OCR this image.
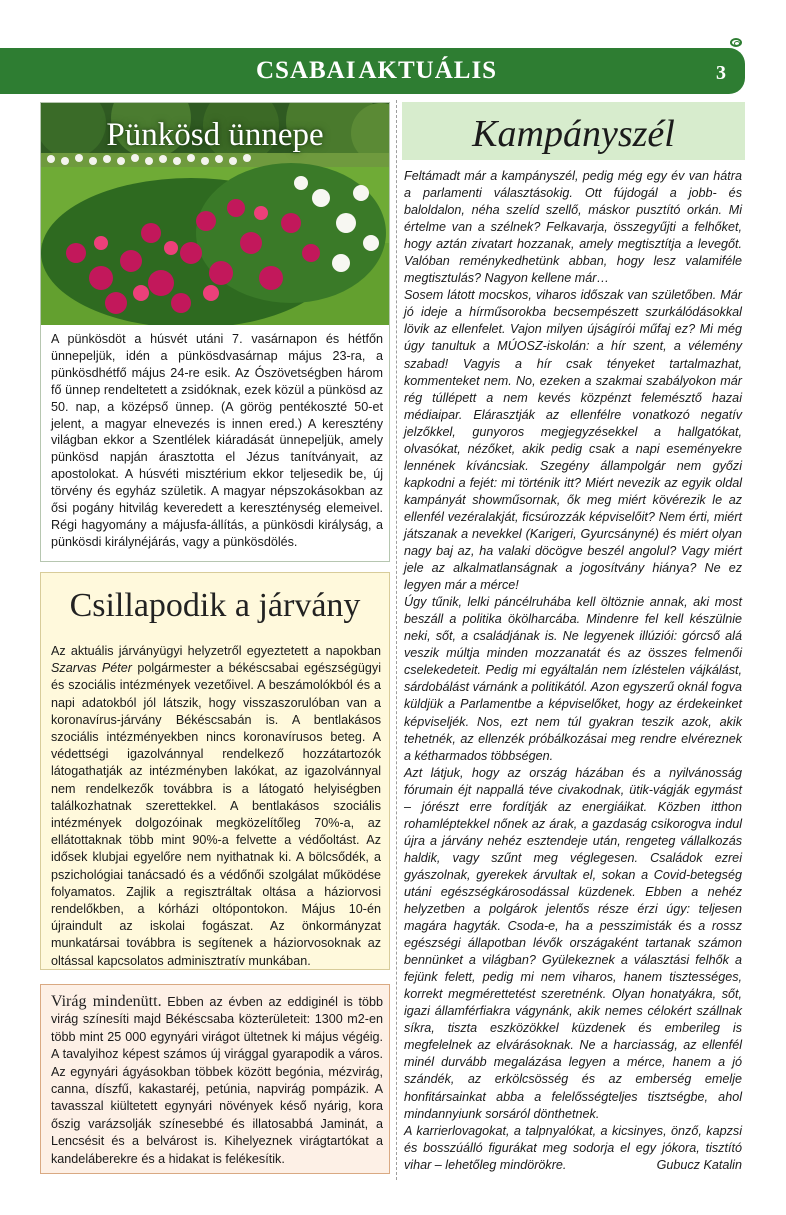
CSABAIAKTUÁLIS	3
Pünkösd ünnepe

A pünkösdöt a húsvét utáni 7. vasárnapon és hétfőn ünnepeljük, idén a pünkösdvasárnap május 23-ra, a pünkösdhétfő május 24-re esik. Az Ószövetségben három fő ünnep rendeltetett a zsidóknak, ezek közül a pünkösd az 50. nap, a középső ünnep. (A görög pentékoszté 50-et jelent, a magyar elnevezés is innen ered.) A keresztény világban ekkor a Szentlélek kiáradását ünnepeljük, amely pünkösd napján árasztotta el Jézus tanítványait, az apostolokat. A húsvéti misztérium ekkor teljesedik be, új törvény és egyház születik. A magyar népszokásokban az ősi pogány hitvilág keveredett a kereszténység elemeivel. Régi hagyomány a májusfa-állítás, a pünkösdi királyság, a pünkösdi királynéjárás, vagy a pünkösdölés.

Csillapodik a járvány

Az aktuális járványügyi helyzetről egyeztetett a napokban Szarvas Péter polgármester a békéscsabai egészségügyi és szociális intézmények vezetőivel. A beszámolókból és a napi adatokból jól látszik, hogy visszaszorulóban van a koronavírus-járvány Békéscsabán is. A bentlakásos szociális intézményekben nincs koronavírusos beteg. A védettségi igazolvánnyal rendelkező hozzátartozók látogathatják az intézményben lakókat, az igazolvánnyal nem rendelkezők továbbra is a látogató helyiségben találkozhatnak szerettekkel. A bentlakásos szociális intézmények dolgozóinak megközelítőleg 70%-a, az ellátottaknak több mint 90%-a felvette a védőoltást. Az idősek klubjai egyelőre nem nyithatnak ki. A bölcsődék, a pszichológiai tanácsadó és a védőnői szolgálat működése folyamatos. Zajlik a regisztráltak oltása a háziorvosi rendelőkben, a kórházi oltópontokon. Május 10-én újraindult az iskolai fogászat. Az önkormányzat munkatársai továbbra is segítenek a háziorvosoknak az oltással kapcsolatos adminisztratív munkában.

Virág mindenütt. Ebben az évben az eddiginél is több virág színesíti majd Békéscsaba közterületeit: 1300 m2-en több mint 25 000 egynyári virágot ültetnek ki május végéig. A tavalyihoz képest számos új virággal gyarapodik a város. Az egynyári ágyásokban többek között begónia, mézvirág, canna, díszfű, kakastaréj, petúnia, napvirág pompázik. A tavasszal kiültetett egynyári növények késő nyárig, kora őszig varázsolják színesebbé és illatosabbá Jaminát, a Lencsésit és a belvárost is. Kihelyeznek virágtartókat a kandeláberekre és a hidakat is felékesítik.

Kampányszél

Feltámadt már a kampányszél, pedig még egy év van hátra a parlamenti választásokig. Ott fújdogál a jobb- és baloldalon, néha szelíd szellő, máskor pusztító orkán. Mi értelme van a szélnek? Felkavarja, összegyűjti a felhőket, hogy aztán zivatart hozzanak, amely megtisztítja a levegőt. Valóban reménykedhetünk abban, hogy lesz valamiféle megtisztulás? Nagyon kellene már…

Sosem látott mocskos, viharos időszak van születőben. Már jó ideje a hírműsorokba becsempészett szurkálódásokkal lövik az ellenfelet. Vajon milyen újságírói műfaj ez? Mi még úgy tanultuk a MÚOSZ-iskolán: a hír szent, a vélemény szabad! Vagyis a hír csak tényeket tartalmazhat, kommenteket nem. No, ezeken a szakmai szabályokon már rég túllépett a nem kevés közpénzt felemésztő hazai médiaipar. Elárasztják az ellenfélre vonatkozó negatív jelzőkkel, gunyoros megjegyzésekkel a hallgatókat, olvasókat, nézőket, akik pedig csak a napi eseményekre lennének kíváncsiak. Szegény állampolgár nem győzi kapkodni a fejét: mi történik itt? Miért nevezik az egyik oldal kampányát showműsornak, ők meg miért kövérezik le az ellenfél vezéralakját, ficsúrozzák képviselőit? Nem érti, miért játszanak a nevekkel (Karigeri, Gyurcsányné) és miért olyan nagy baj az, ha valaki döcögve beszél angolul? Vagy miért jele az alkalmatlanságnak a jogosítvány hiánya? Ne ez legyen már a mérce!

Úgy tűnik, lelki páncélruhába kell öltöznie annak, aki most beszáll a politika ökölharcába. Mindenre fel kell készülnie neki, sőt, a családjának is. Ne legyenek illúziói: górcső alá veszik múltja minden mozzanatát és az összes felmenői cselekedeteit. Pedig mi egyáltalán nem ízléstelen vájkálást, sárdobálást várnánk a politikától. Azon egyszerű oknál fogva küldjük a Parlamentbe a képviselőket, hogy az érdekeinket képviseljék. Nos, ezt nem túl gyakran teszik azok, akik tehetnék, az ellenzék próbálkozásai meg rendre elvéreznek a kétharmados többségen.

Azt látjuk, hogy az ország házában és a nyilvánosság fórumain éjt nappallá téve civakodnak, ütik-vágják egymást – jórészt erre fordítják az energiáikat. Közben itthon rohamléptekkel nőnek az árak, a gazdaság csikorogva indul újra a járvány nehéz esztendeje után, rengeteg vállalkozás haldik, vagy szűnt meg véglegesen. Családok ezrei gyászolnak, gyerekek árvultak el, sokan a Covid-betegség utáni egészségkárosodással küzdenek. Ebben a nehéz helyzetben a polgárok jelentős része érzi úgy: teljesen magára hagyták. Csoda-e, ha a pesszimisták és a rossz egészségi állapotban lévők országaként tartanak számon bennünket a világban? Gyülekeznek a választási felhők a fejünk felett, pedig mi nem viharos, hanem tisztességes, korrekt megmérettetést szeretnénk. Olyan honatyákra, sőt, igazi államférfiakra vágynánk, akik nemes célokért szállnak síkra, tiszta eszközökkel küzdenek és emberileg is megfelelnek az elvárásoknak. Ne a harciasság, az ellenfél minél durvább megalázása legyen a mérce, hanem a jó szándék, az erkölcsösség és az emberség emelje honfitársainkat abba a felelősségteljes tisztségbe, ahol mindannyiunk sorsáról dönthetnek.

A karrierlovagokat, a talpnyalókat, a kicsinyes, önző, kapzsi és bosszúálló figurákat meg sodorja el egy jókora, tisztító vihar – lehetőleg mindörökre.	Gubucz Katalin
